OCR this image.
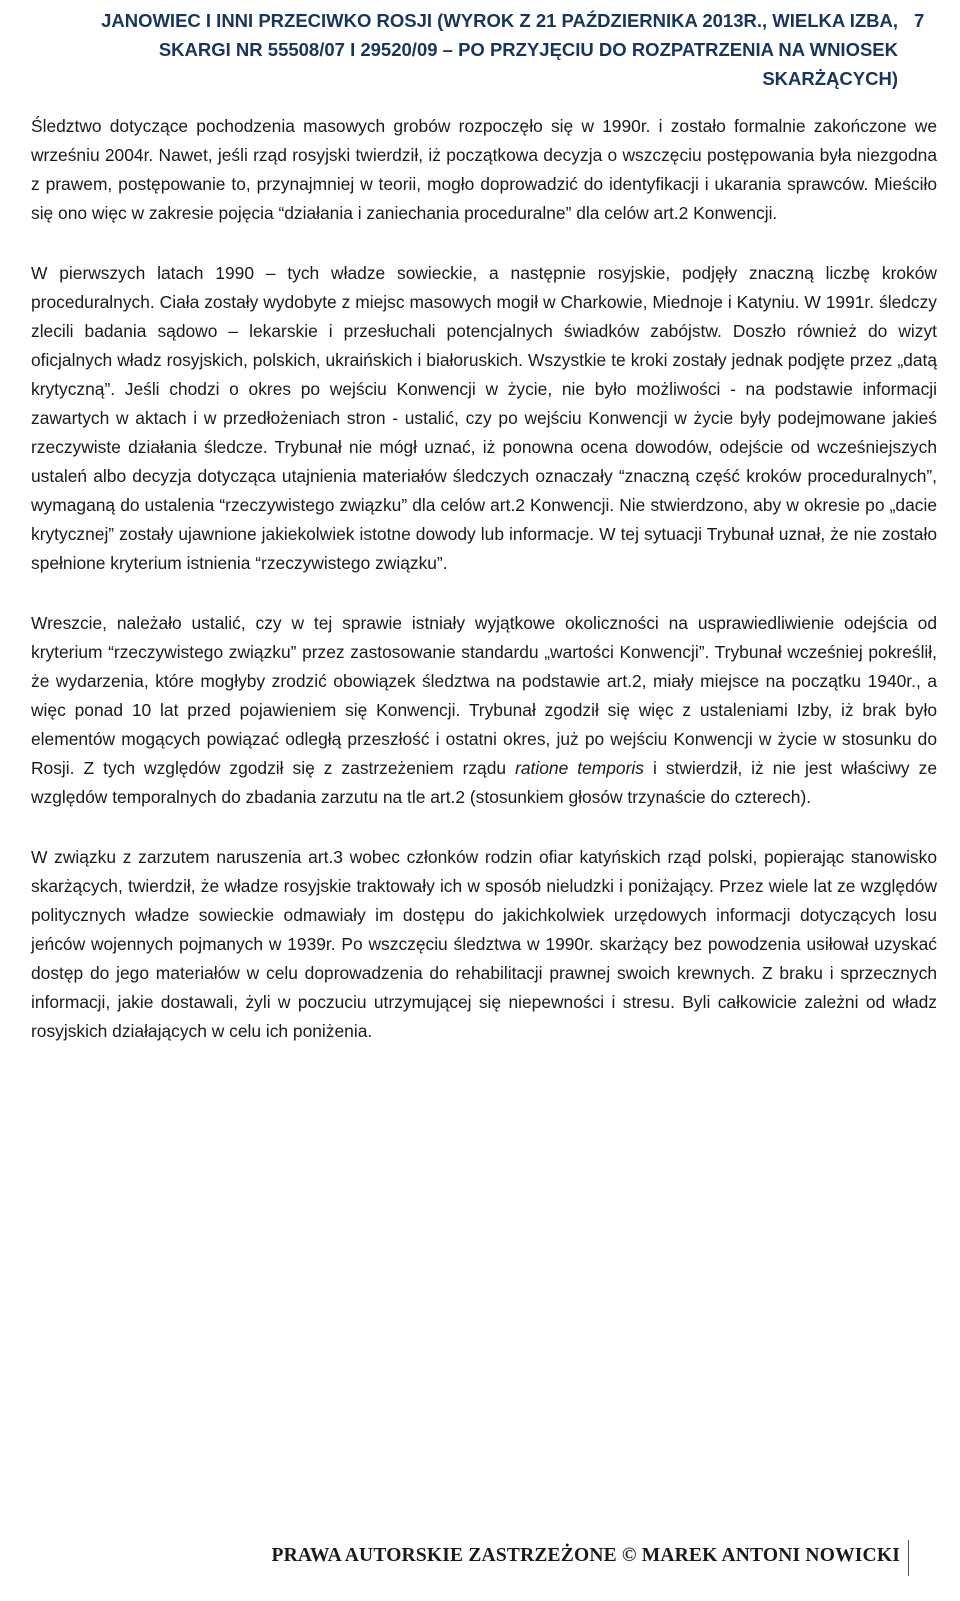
JANOWIEC I INNI PRZECIWKO ROSJI (WYROK Z 21 PAŹDZIERNIKA 2013R., WIELKA IZBA,
SKARGI NR 55508/07 I 29520/09 – PO PRZYJĘCIU DO ROZPATRZENIA NA WNIOSEK
SKARŻĄCYCH)
7

Śledztwo dotyczące pochodzenia masowych grobów rozpoczęło się w 1990r. i zostało formalnie zakończone we wrześniu 2004r. Nawet, jeśli rząd rosyjski twierdził, iż początkowa decyzja o wszczęciu postępowania była niezgodna z prawem, postępowanie to, przynajmniej w teorii, mogło doprowadzić do identyfikacji i ukarania sprawców. Mieściło się ono więc w zakresie pojęcia “działania i zaniechania proceduralne” dla celów art.2 Konwencji.

W pierwszych latach 1990 – tych władze sowieckie, a następnie rosyjskie, podjęły znaczną liczbę kroków proceduralnych. Ciała zostały wydobyte z miejsc masowych mogił w Charkowie, Miednoje i Katyniu. W 1991r. śledczy zlecili badania sądowo – lekarskie i przesłuchali potencjalnych świadków zabójstw. Doszło również do wizyt oficjalnych władz rosyjskich, polskich, ukraińskich i białoruskich. Wszystkie te kroki zostały jednak podjęte przez „datą krytyczną”. Jeśli chodzi o okres po wejściu Konwencji w życie, nie było możliwości - na podstawie informacji zawartych w aktach i w przedłożeniach stron - ustalić, czy po wejściu Konwencji w życie były podejmowane jakieś rzeczywiste działania śledcze. Trybunał nie mógł uznać, iż ponowna ocena dowodów, odejście od wcześniejszych ustaleń albo decyzja dotycząca utajnienia materiałów śledczych oznaczały “znaczną część kroków proceduralnych”, wymaganą do ustalenia “rzeczywistego związku” dla celów art.2 Konwencji. Nie stwierdzono, aby w okresie po „dacie krytycznej” zostały ujawnione jakiekolwiek istotne dowody lub informacje. W tej sytuacji Trybunał uznał, że nie zostało spełnione kryterium istnienia “rzeczywistego związku”.

Wreszcie, należało ustalić, czy w tej sprawie istniały wyjątkowe okoliczności na usprawiedliwienie odejścia od kryterium “rzeczywistego związku” przez zastosowanie standardu „wartości Konwencji”. Trybunał wcześniej pokreślił, że wydarzenia, które mogłyby zrodzić obowiązek śledztwa na podstawie art.2, miały miejsce na początku 1940r., a więc ponad 10 lat przed pojawieniem się Konwencji. Trybunał zgodził się więc z ustaleniami Izby, iż brak było elementów mogących powiązać odległą przeszłość i ostatni okres, już po wejściu Konwencji w życie w stosunku do Rosji. Z tych względów zgodził się z zastrzeżeniem rządu ratione temporis i stwierdził, iż nie jest właściwy ze względów temporalnych do zbadania zarzutu na tle art.2 (stosunkiem głosów trzynaście do czterech).

W związku z zarzutem naruszenia art.3 wobec członków rodzin ofiar katyńskich rząd polski, popierając stanowisko skarżących, twierdził, że władze rosyjskie traktowały ich w sposób nieludzki i poniżający. Przez wiele lat ze względów politycznych władze sowieckie odmawiały im dostępu do jakichkolwiek urzędowych informacji dotyczących losu jeńców wojennych pojmanych w 1939r. Po wszczęciu śledztwa w 1990r. skarżący bez powodzenia usiłował uzyskać dostęp do jego materiałów w celu doprowadzenia do rehabilitacji prawnej swoich krewnych. Z braku i sprzecznych informacji, jakie dostawali, żyli w poczuciu utrzymującej się niepewności i stresu. Byli całkowicie zależni od władz rosyjskich działających w celu ich poniżenia.

PRAWA AUTORSKIE ZASTRZEŻONE © MAREK ANTONI NOWICKI
